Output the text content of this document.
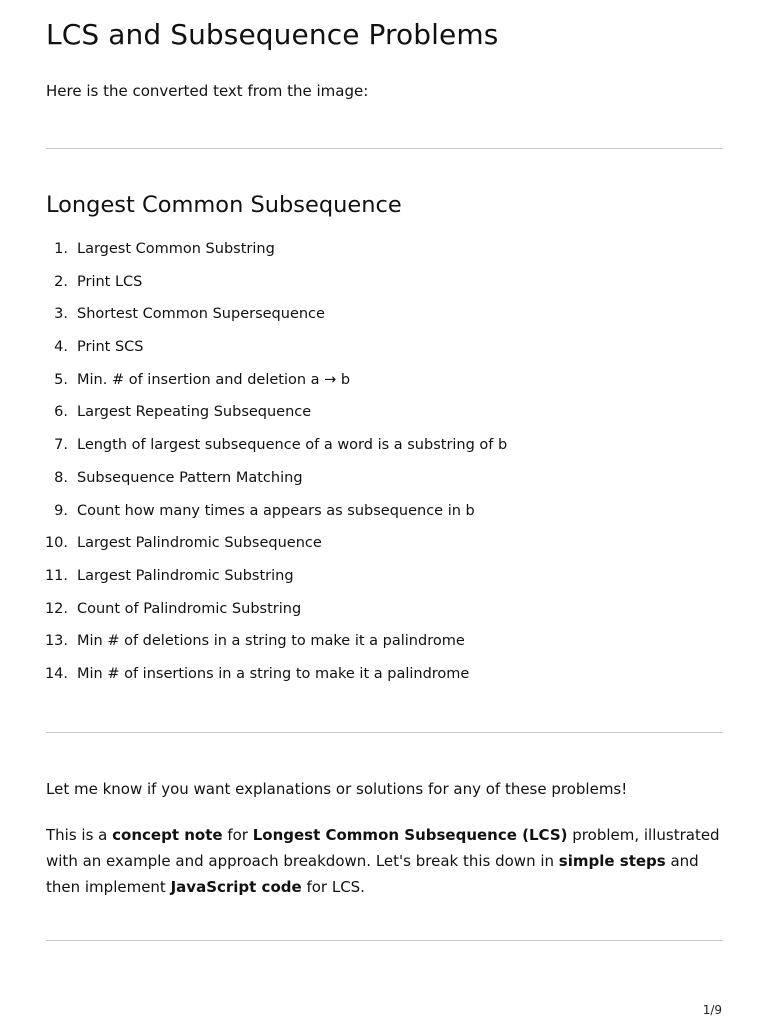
LCS and Subsequence Problems

Here is the converted text from the image:

Longest Common Subsequence
1. Largest Common Substring
2. Print LCS
3. Shortest Common Supersequence
4. Print SCS
5. Min. # of insertion and deletion a → b
6. Largest Repeating Subsequence
7. Length of largest subsequence of a word is a substring of b
8. Subsequence Pattern Matching
9. Count how many times a appears as subsequence in b
10. Largest Palindromic Subsequence
11. Largest Palindromic Substring
12. Count of Palindromic Substring
13. Min # of deletions in a string to make it a palindrome
14. Min # of insertions in a string to make it a palindrome

Let me know if you want explanations or solutions for any of these problems!

This is a concept note for Longest Common Subsequence (LCS) problem, illustrated with an example and approach breakdown. Let's break this down in simple steps and then implement JavaScript code for LCS.

1/9
